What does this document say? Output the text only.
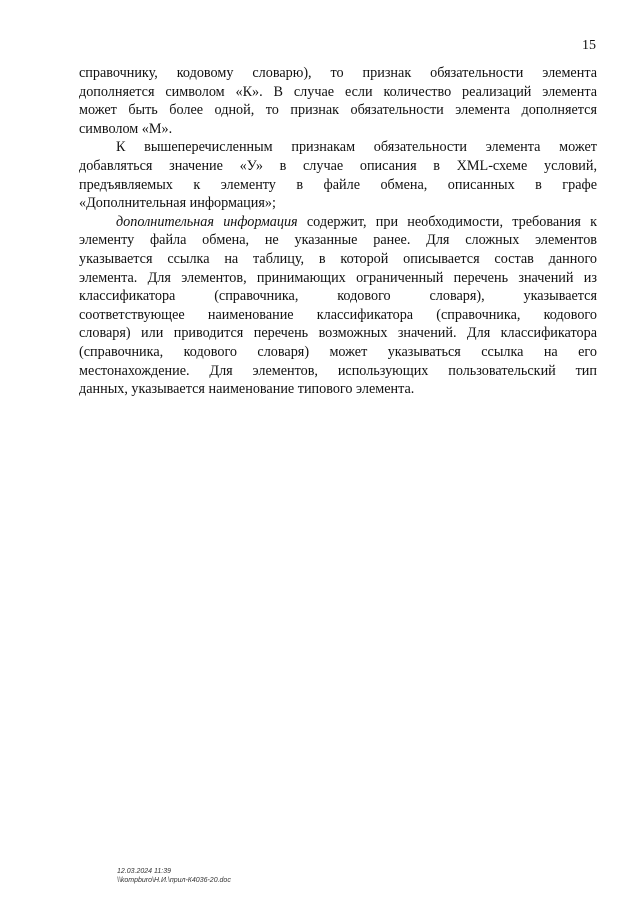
15
справочнику, кодовому словарю), то признак обязательности элемента
дополняется символом «К». В случае если количество реализаций элемента
может быть более одной, то признак обязательности элемента дополняется
символом «М».
К вышеперечисленным признакам обязательности элемента может
добавляться значение «У» в случае описания в XML-схеме условий,
предъявляемых к элементу в файле обмена, описанных в графе
«Дополнительная информация»;
дополнительная информация содержит, при необходимости, требования к
элементу файла обмена, не указанные ранее. Для сложных элементов
указывается ссылка на таблицу, в которой описывается состав данного
элемента. Для элементов, принимающих ограниченный перечень значений из
классификатора (справочника, кодового словаря), указывается
соответствующее наименование классификатора (справочника, кодового
словаря) или приводится перечень возможных значений. Для классификатора
(справочника, кодового словаря) может указываться ссылка на его
местонахождение. Для элементов, использующих пользовательский тип
данных, указывается наименование типового элемента.
12.03.2024 11:39
\\kompburo\Н.И.\прил-К4036-20.doc
